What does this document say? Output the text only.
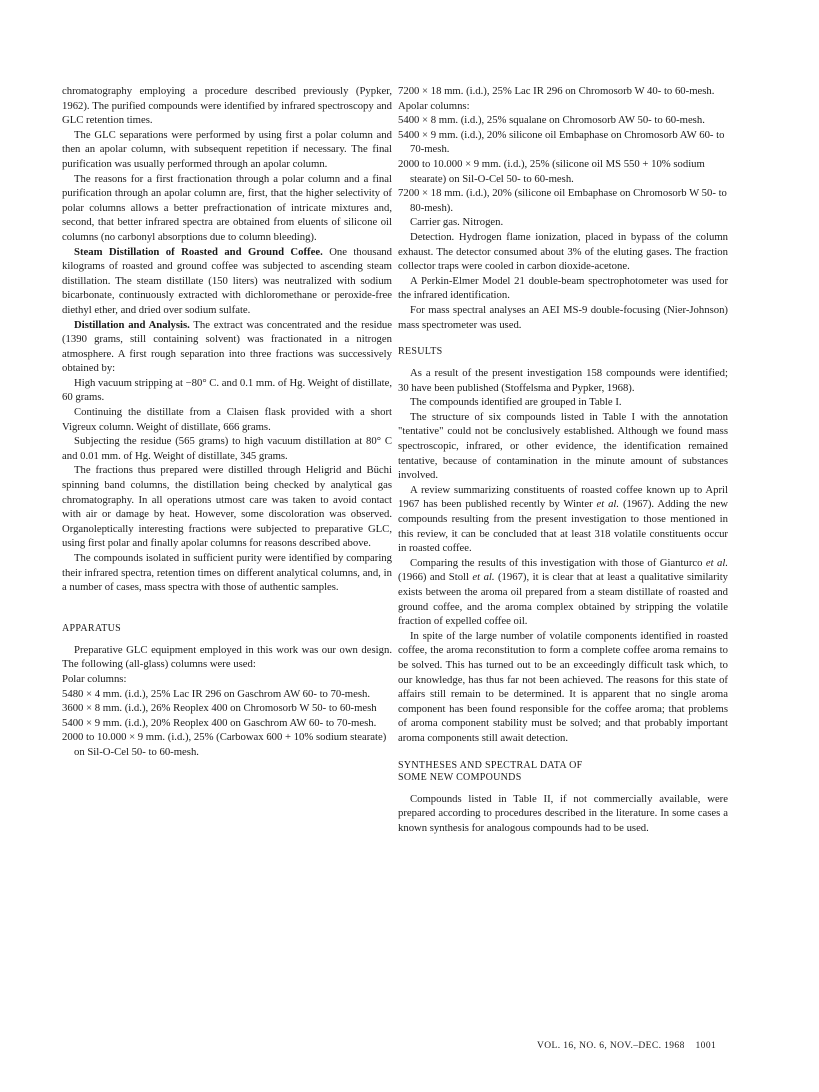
chromatography employing a procedure described previously (Pypker, 1962). The purified compounds were identified by infrared spectroscopy and GLC retention times.

The GLC separations were performed by using first a polar column and then an apolar column, with subsequent repetition if necessary. The final purification was usually performed through an apolar column.

The reasons for a first fractionation through a polar column and a final purification through an apolar column are, first, that the higher selectivity of polar columns allows a better prefractionation of intricate mixtures and, second, that better infrared spectra are obtained from eluents of silicone oil columns (no carbonyl absorptions due to column bleeding).

Steam Distillation of Roasted and Ground Coffee. One thousand kilograms of roasted and ground coffee was subjected to ascending steam distillation. The steam distillate (150 liters) was neutralized with sodium bicarbonate, continuously extracted with dichloromethane or peroxide-free diethyl ether, and dried over sodium sulfate.

Distillation and Analysis. The extract was concentrated and the residue (1390 grams, still containing solvent) was fractionated in a nitrogen atmosphere. A first rough separation into three fractions was successively obtained by:

High vacuum stripping at −80° C. and 0.1 mm. of Hg. Weight of distillate, 60 grams.

Continuing the distillate from a Claisen flask provided with a short Vigreux column. Weight of distillate, 666 grams.

Subjecting the residue (565 grams) to high vacuum distillation at 80° C and 0.01 mm. of Hg. Weight of distillate, 345 grams.

The fractions thus prepared were distilled through Heligrid and Büchi spinning band columns, the distillation being checked by analytical gas chromatography. In all operations utmost care was taken to avoid contact with air or damage by heat. However, some discoloration was observed. Organoleptically interesting fractions were subjected to preparative GLC, using first polar and finally apolar columns for reasons described above.

The compounds isolated in sufficient purity were identified by comparing their infrared spectra, retention times on different analytical columns, and, in a number of cases, mass spectra with those of authentic samples.

APPARATUS

Preparative GLC equipment employed in this work was our own design. The following (all-glass) columns were used:

Polar columns:

5480 × 4 mm. (i.d.), 25% Lac IR 296 on Gaschrom AW 60- to 70-mesh.

3600 × 8 mm. (i.d.), 26% Reoplex 400 on Chromosorb W 50- to 60-mesh

5400 × 9 mm. (i.d.), 20% Reoplex 400 on Gaschrom AW 60- to 70-mesh.

2000 to 10.000 × 9 mm. (i.d.), 25% (Carbowax 600 + 10% sodium stearate) on Sil-O-Cel 50- to 60-mesh.

7200 × 18 mm. (i.d.), 25% Lac IR 296 on Chromosorb W 40- to 60-mesh.

Apolar columns:

5400 × 8 mm. (i.d.), 25% squalane on Chromosorb AW 50- to 60-mesh.

5400 × 9 mm. (i.d.), 20% silicone oil Embaphase on Chromosorb AW 60- to 70-mesh.

2000 to 10.000 × 9 mm. (i.d.), 25% (silicone oil MS 550 + 10% sodium stearate) on Sil-O-Cel 50- to 60-mesh.

7200 × 18 mm. (i.d.), 20% (silicone oil Embaphase on Chromosorb W 50- to 80-mesh).

Carrier gas. Nitrogen.

Detection. Hydrogen flame ionization, placed in bypass of the column exhaust. The detector consumed about 3% of the eluting gases. The fraction collector traps were cooled in carbon dioxide-acetone.

A Perkin-Elmer Model 21 double-beam spectrophotometer was used for the infrared identification.

For mass spectral analyses an AEI MS-9 double-focusing (Nier-Johnson) mass spectrometer was used.

RESULTS

As a result of the present investigation 158 compounds were identified; 30 have been published (Stoffelsma and Pypker, 1968).

The compounds identified are grouped in Table I.

The structure of six compounds listed in Table I with the annotation "tentative" could not be conclusively established. Although we found mass spectroscopic, infrared, or other evidence, the identification remained tentative, because of contamination in the minute amount of substances involved.

A review summarizing constituents of roasted coffee known up to April 1967 has been published recently by Winter et al. (1967). Adding the new compounds resulting from the present investigation to those mentioned in this review, it can be concluded that at least 318 volatile constituents occur in roasted coffee.

Comparing the results of this investigation with those of Gianturco et al. (1966) and Stoll et al. (1967), it is clear that at least a qualitative similarity exists between the aroma oil prepared from a steam distillate of roasted and ground coffee, and the aroma complex obtained by stripping the volatile fraction of expelled coffee oil.

In spite of the large number of volatile components identified in roasted coffee, the aroma reconstitution to form a complete coffee aroma remains to be solved. This has turned out to be an exceedingly difficult task which, to our knowledge, has thus far not been achieved. The reasons for this state of affairs still remain to be determined. It is apparent that no single aroma component has been found responsible for the coffee aroma; that problems of aroma component stability must be solved; and that probably important aroma components still await detection.

SYNTHESES AND SPECTRAL DATA OF
SOME NEW COMPOUNDS

Compounds listed in Table II, if not commercially available, were prepared according to procedures described in the literature. In some cases a known synthesis for analogous compounds had to be used.

VOL. 16, NO. 6, NOV.–DEC. 1968 1001
